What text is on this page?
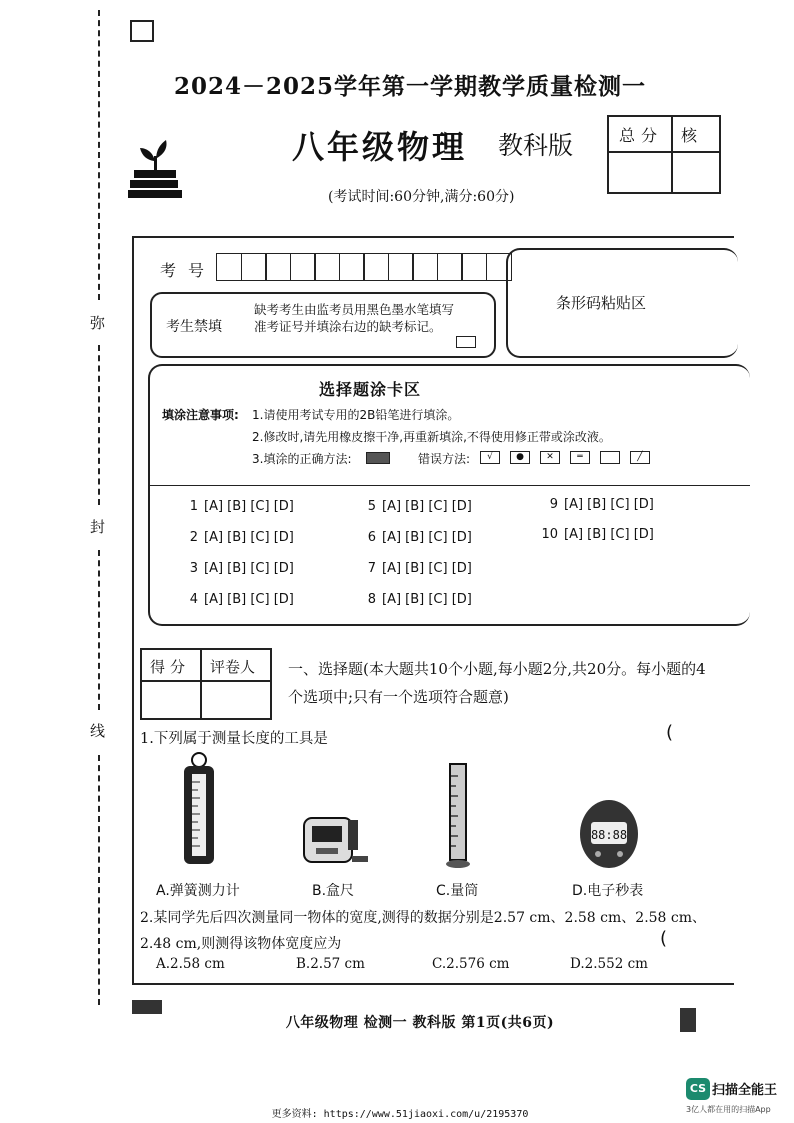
弥
封
线
2024－2025学年第一学期教学质量检测一
八年级物理 教科版
(考试时间:60分钟,满分:60分)
总分 核
考号
条形码粘贴区
考生禁填
缺考考生由监考员用黑色墨水笔填写准考证号并填涂右边的缺考标记。
选择题涂卡区
填涂注意事项: 1.请使用考试专用的2B铅笔进行填涂。
2.修改时,请先用橡皮擦干净,再重新填涂,不得使用修正带或涂改液。
3.填涂的正确方法:	错误方法:	√	●	✕	═	╱
1 [A] [B] [C] [D]
2 [A] [B] [C] [D]
3 [A] [B] [C] [D]
4 [A] [B] [C] [D]
5 [A] [B] [C] [D]
6 [A] [B] [C] [D]
7 [A] [B] [C] [D]
8 [A] [B] [C] [D]
9 [A] [B] [C] [D]
10 [A] [B] [C] [D]
得分 评卷人 一、选择题(本大题共10个小题,每小题2分,共20分。每小题的4个选项中;只有一个选项符合题意)
1.下列属于测量长度的工具是	(
88:88
A.弹簧测力计	B.盒尺	C.量筒	D.电子秒表
2.某同学先后四次测量同一物体的宽度,测得的数据分别是2.57 cm、2.58 cm、2.58 cm、2.48 cm,则测得该物体宽度应为	(
A.2.58 cm	B.2.57 cm	C.2.576 cm	D.2.552 cm
八年级物理 检测一 教科版 第1页(共6页)
更多资料: https://www.51jiaoxi.com/u/2195370
CS 扫描全能王
3亿人都在用的扫描App
